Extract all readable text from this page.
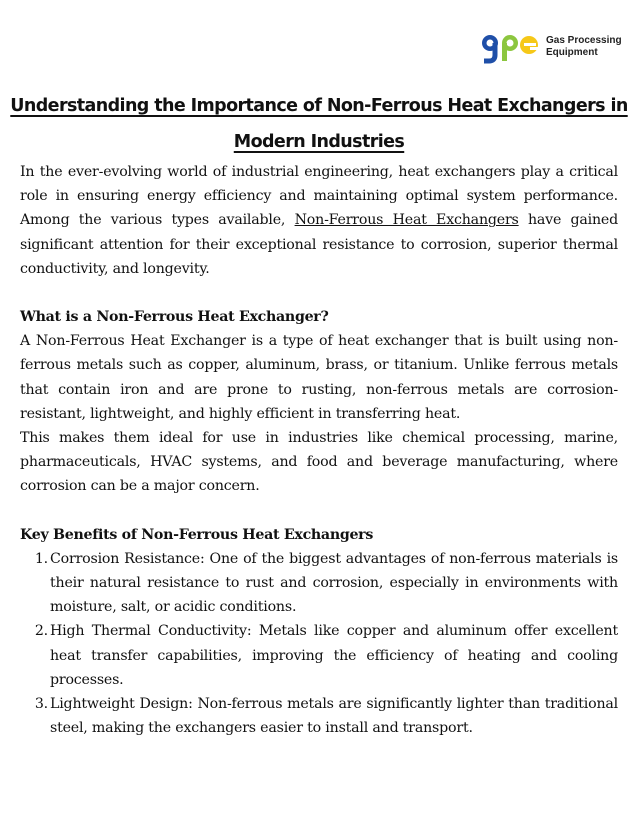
Gas Processing
Equipment
Understanding the Importance of Non-Ferrous Heat Exchangers in Modern Industries

In the ever-evolving world of industrial engineering, heat exchangers play a critical role in ensuring energy efficiency and maintaining optimal system performance. Among the various types available, Non-Ferrous Heat Exchangers have gained significant attention for their exceptional resistance to corrosion, superior thermal conductivity, and longevity.

What is a Non-Ferrous Heat Exchanger?

A Non-Ferrous Heat Exchanger is a type of heat exchanger that is built using non-ferrous metals such as copper, aluminum, brass, or titanium. Unlike ferrous metals that contain iron and are prone to rusting, non-ferrous metals are corrosion-resistant, lightweight, and highly efficient in transferring heat.

This makes them ideal for use in industries like chemical processing, marine, pharmaceuticals, HVAC systems, and food and beverage manufacturing, where corrosion can be a major concern.

Key Benefits of Non-Ferrous Heat Exchangers
1. Corrosion Resistance: One of the biggest advantages of non-ferrous materials is their natural resistance to rust and corrosion, especially in environments with moisture, salt, or acidic conditions.
2. High Thermal Conductivity: Metals like copper and aluminum offer excellent heat transfer capabilities, improving the efficiency of heating and cooling processes.
3. Lightweight Design: Non-ferrous metals are significantly lighter than traditional steel, making the exchangers easier to install and transport.
